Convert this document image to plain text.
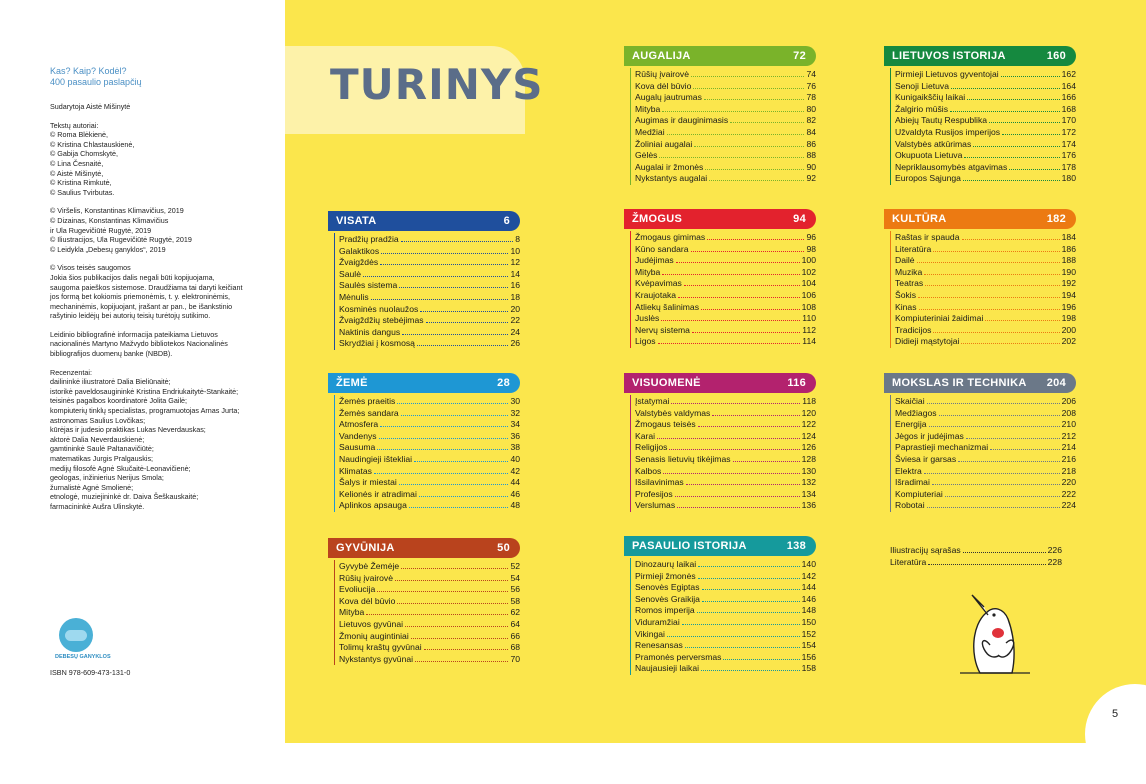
Kas? Kaip? Kodėl?
400 pasaulio paslapčių

Sudarytoja Aistė Mišinytė

Tekstų autoriai:
© Roma Blėkienė,
© Kristina Chlastauskienė,
© Gabija Chomskytė,
© Lina Česnaitė,
© Aistė Mišinytė,
© Kristina Rimkutė,
© Saulius Tvirbutas.

© Viršelis, Konstantinas Klimavičius, 2019
© Dizainas, Konstantinas Klimavičius
ir Ula Rugevičiūtė Rugytė, 2019
© Iliustracijos, Ula Rugevičiūtė Rugytė, 2019
© Leidykla „Debesų ganyklos“, 2019

© Visos teisės saugomos
Jokia šios publikacijos dalis negali būti kopijuojama,
saugoma paieškos sistemose. Draudžiama tai daryti keičiant
jos formą bet kokiomis priemonėmis, t. y. elektroninėmis,
mechaninėmis, kopijuojant, įrašant ar pan., be išankstinio
rašytinio leidėjų bei autorių teisių turėtojų sutikimo.

Leidinio bibliografinė informacija pateikiama Lietuvos
nacionalinės Martyno Mažvydo bibliotekos Nacionalinės
bibliografijos duomenų banke (NBDB).

Recenzentai:
dailininkė iliustratorė Dalia Bieliūnaitė;
istorikė paveldosauginink​ė Kristina Endriukaitytė-Stankaitė;
teisinės pagalbos koordinatorė Jolita Gailė;
kompiuterių tinklų specialistas, programuotojas Arnas Jurta;
astronomas Saulius Lovčikas;
kūrėjas ir judesio praktikas Lukas Neverdauskas;
aktorė Dalia Neverdauskienė;
gamtininkė Saulė Paltanavičiūtė;
matematikas Jurgis Pralgauskis;
medijų filosofė Agnė Skučaitė-Leonavičienė;
geologas, inžinierius Nerijus Smola;
žurnalistė Agnė Smolienė;
etnologė, muziejininkė dr. Daiva Šeškauskaitė;
farmacininkė Aušra Ulinskytė.

DEBESŲ GANYKLOS
ISBN 978-609-473-131-0
TURINYS
VISATA	6
Pradžių pradžia	8
Galaktikos	10
Žvaigždės	12
Saulė	14
Saulės sistema	16
Mėnulis	18
Kosminės nuolaužos	20
Žvaigždžių stebėjimas	22
Naktinis dangus	24
Skrydžiai į kosmosą	26
ŽEMĖ	28
Žemės praeitis	30
Žemės sandara	32
Atmosfera	34
Vandenys	36
Sausuma	38
Naudingieji ištekliai	40
Klimatas	42
Šalys ir miestai	44
Kelionės ir atradimai	46
Aplinkos apsauga	48
GYVŪNIJA	50
Gyvybė Žemėje	52
Rūšių įvairovė	54
Evoliucija	56
Kova dėl būvio	58
Mityba	62
Lietuvos gyvūnai	64
Žmonių augintiniai	66
Tolimų kraštų gyvūnai	68
Nykstantys gyvūnai	70
AUGALIJA	72
Rūšių įvairovė	74
Kova dėl būvio	76
Augalų jautrumas	78
Mityba	80
Augimas ir dauginimasis	82
Medžiai	84
Žoliniai augalai	86
Gėlės	88
Augalai ir žmonės	90
Nykstantys augalai	92
ŽMOGUS	94
Žmogaus gimimas	96
Kūno sandara	98
Judėjimas	100
Mityba	102
Kvėpavimas	104
Kraujotaka	106
Atliekų šalinimas	108
Juslės	110
Nervų sistema	112
Ligos	114
VISUOMENĖ	116
Įstatymai	118
Valstybės valdymas	120
Žmogaus teisės	122
Karai	124
Religijos	126
Senasis lietuvių tikėjimas	128
Kalbos	130
Išsilavinimas	132
Profesijos	134
Verslumas	136
PASAULIO ISTORIJA	138
Dinozaurų laikai	140
Pirmieji žmonės	142
Senovės Egiptas	144
Senovės Graikija	146
Romos imperija	148
Viduramžiai	150
Vikingai	152
Renesansas	154
Pramonės perversmas	156
Naujausieji laikai	158
LIETUVOS ISTORIJA	160
Pirmieji Lietuvos gyventojai	162
Senoji Lietuva	164
Kunigaikščių laikai	166
Žalgirio mūšis	168
Abiejų Tautų Respublika	170
Užvaldyta Rusijos imperijos	172
Valstybės atkūrimas	174
Okupuota Lietuva	176
Nepriklausomybės atgavimas	178
Europos Sąjunga	180
KULTŪRA	182
Raštas ir spauda	184
Literatūra	186
Dailė	188
Muzika	190
Teatras	192
Šokis	194
Kinas	196
Kompiuteriniai žaidimai	198
Tradicijos	200
Didieji mąstytojai	202
MOKSLAS IR TECHNIKA 204
Skaičiai	206
Medžiagos	208
Energija	210
Jėgos ir judėjimas	212
Paprastieji mechanizmai	214
Šviesa ir garsas	216
Elektra	218
Išradimai	220
Kompiuteriai	222
Robotai	224
Iliustracijų sąrašas	226
Literatūra	228
5
